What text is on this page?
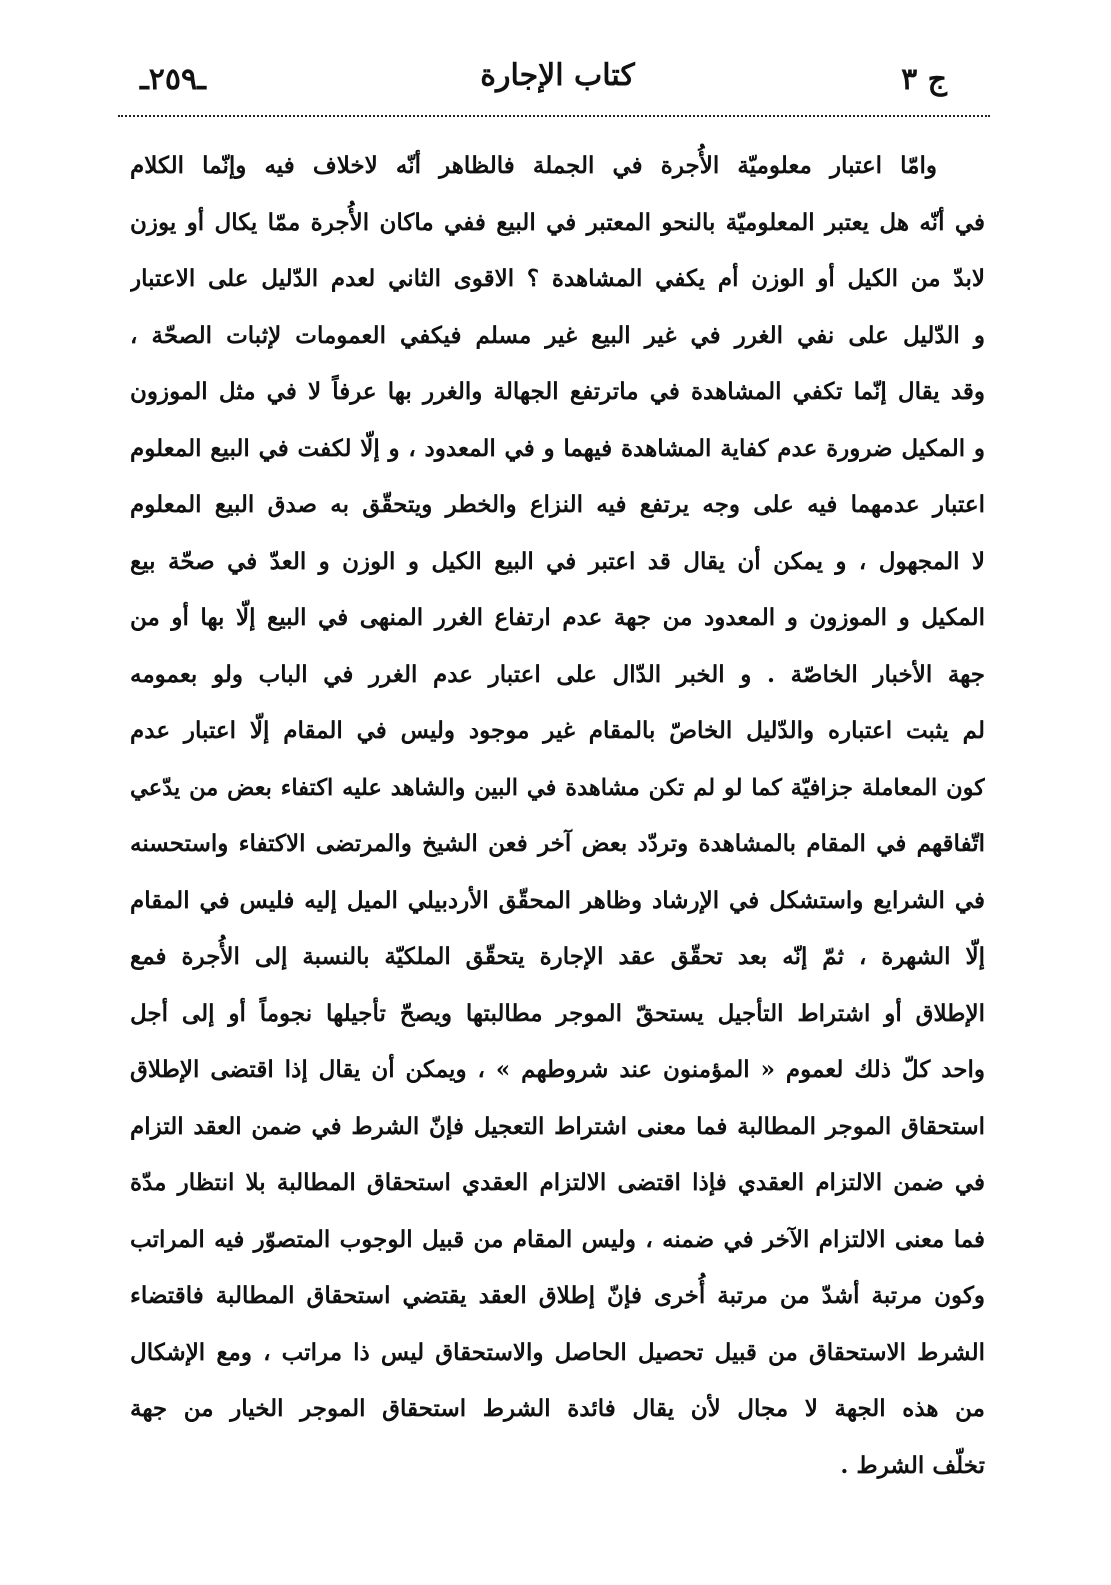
ج ٣
كتاب الإجارة
ـ٢٥٩ـ
وامّا اعتبار معلوميّة الأُجرة في الجملة فالظاهر أنّه لاخلاف فيه وإنّما الكلام
في أنّه هل يعتبر المعلوميّة بالنحو المعتبر في البيع ففي ماكان الأُجرة ممّا يكال أو يوزن
لابدّ من الكيل أو الوزن أم يكفي المشاهدة ؟ الاقوى الثاني لعدم الدّليل على الاعتبار
و الدّليل على نفي الغرر في غير البيع غير مسلم فيكفي العمومات لإثبات الصحّة ،
وقد يقال إنّما تكفي المشاهدة في ماترتفع الجهالة والغرر بها عرفاً لا في مثل الموزون
و المكيل ضرورة عدم كفاية المشاهدة فيهما و في المعدود ، و إلّا لكفت في البيع المعلوم
اعتبار عدمهما فيه على وجه يرتفع فيه النزاع والخطر ويتحقّق به صدق البيع المعلوم
لا المجهول ، و يمكن أن يقال قد اعتبر في البيع الكيل و الوزن و العدّ في صحّة بيع
المكيل و الموزون و المعدود من جهة عدم ارتفاع الغرر المنهى في البيع إلّا بها أو من
جهة الأخبار الخاصّة . و الخبر الدّال على اعتبار عدم الغرر في الباب ولو بعمومه
لم يثبت اعتباره والدّليل الخاصّ بالمقام غير موجود وليس في المقام إلّا اعتبار عدم
كون المعاملة جزافيّة كما لو لم تكن مشاهدة في البين والشاهد عليه اكتفاء بعض من يدّعي
اتّفاقهم في المقام بالمشاهدة وتردّد بعض آخر فعن الشيخ والمرتضى الاكتفاء واستحسنه
في الشرايع واستشكل في الإرشاد وظاهر المحقّق الأردبيلي الميل إليه فليس في المقام
إلّا الشهرة ، ثمّ إنّه بعد تحقّق عقد الإجارة يتحقّق الملكيّة بالنسبة إلى الأُجرة فمع
الإطلاق أو اشتراط التأجيل يستحقّ الموجر مطالبتها ويصحّ تأجيلها نجوماً أو إلى أجل
واحد كلّ ذلك لعموم « المؤمنون عند شروطهم » ، ويمكن أن يقال إذا اقتضى الإطلاق
استحقاق الموجر المطالبة فما معنى اشتراط التعجيل فإنّ الشرط في ضمن العقد التزام
في ضمن الالتزام العقدي فإذا اقتضى الالتزام العقدي استحقاق المطالبة بلا انتظار مدّة
فما معنى الالتزام الآخر في ضمنه ، وليس المقام من قبيل الوجوب المتصوّر فيه المراتب
وكون مرتبة أشدّ من مرتبة أُخرى فإنّ إطلاق العقد يقتضي استحقاق المطالبة فاقتضاء
الشرط الاستحقاق من قبيل تحصيل الحاصل والاستحقاق ليس ذا مراتب ، ومع الإشكال
من هذه الجهة لا مجال لأن يقال فائدة الشرط استحقاق الموجر الخيار من جهة
تخلّف الشرط .
